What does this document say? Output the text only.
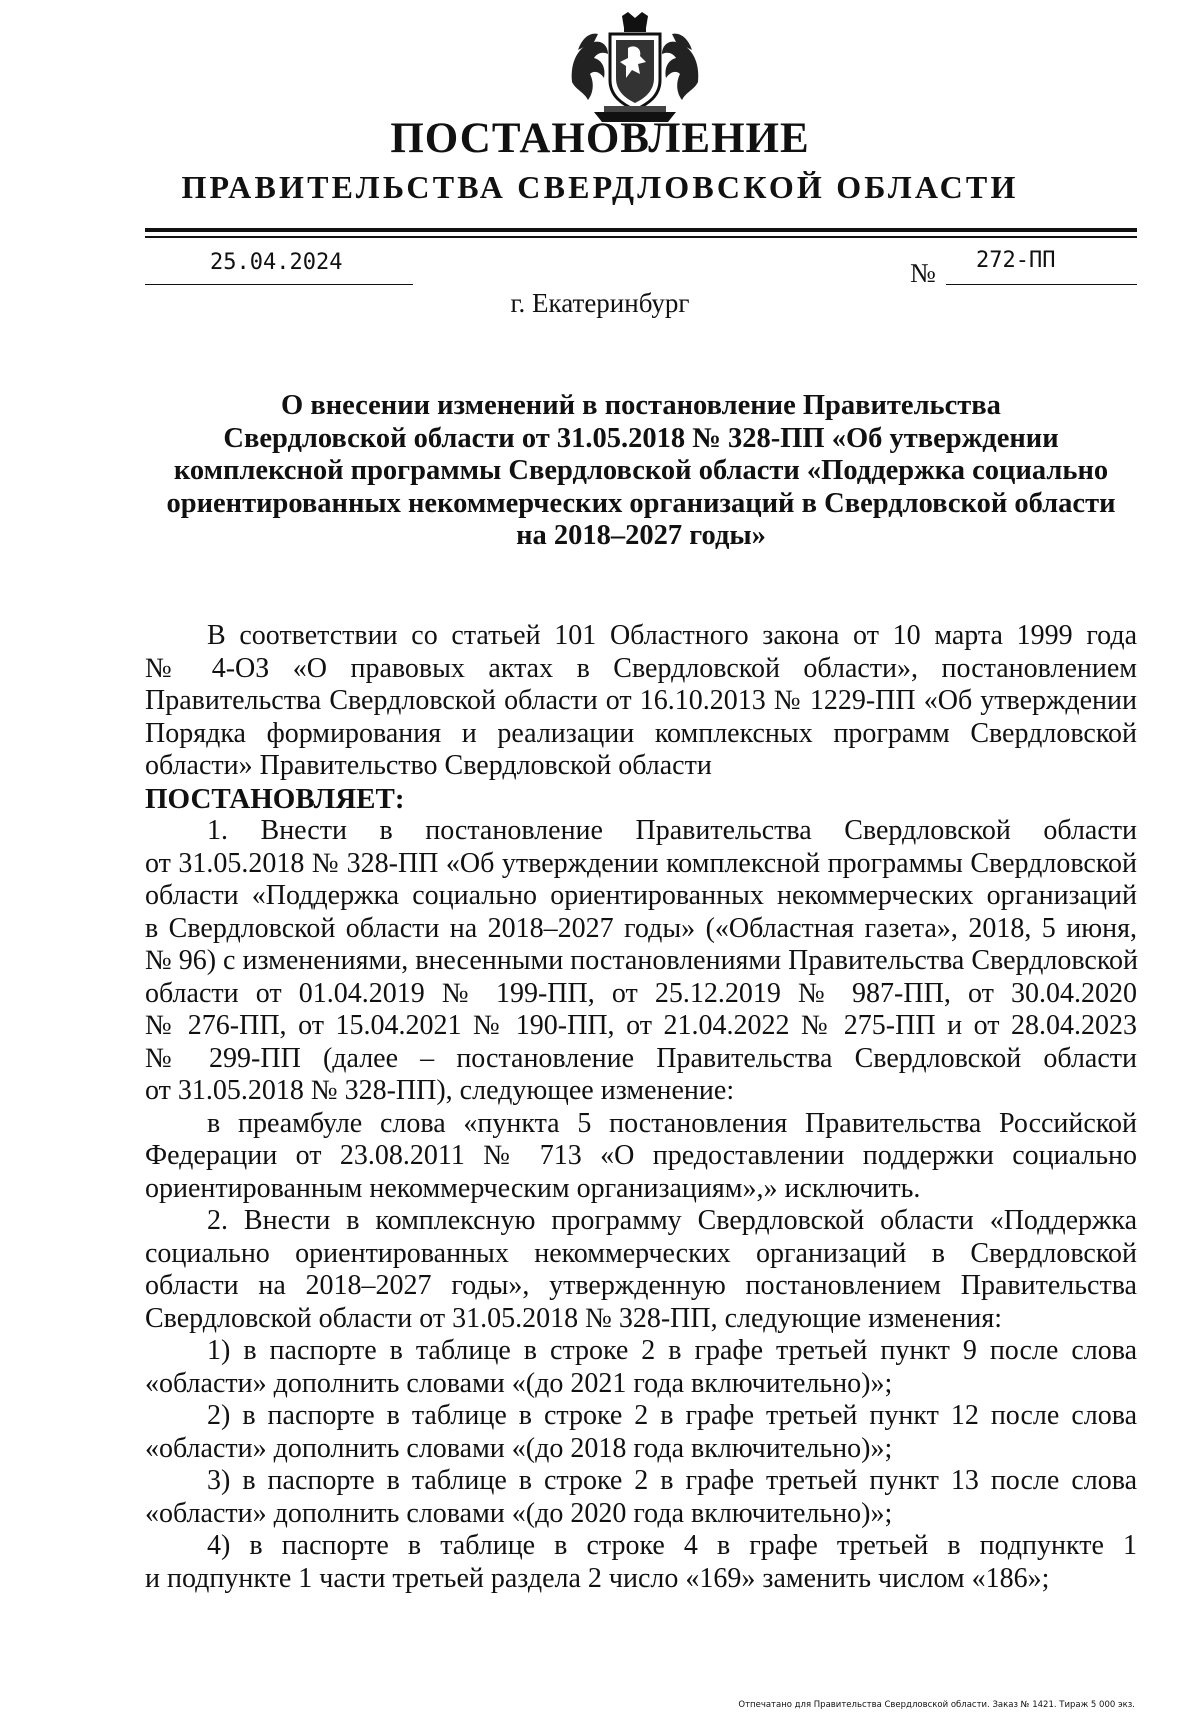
ПОСТАНОВЛЕНИЕ
ПРАВИТЕЛЬСТВА СВЕРДЛОВСКОЙ ОБЛАСТИ
25.04.2024	№ 272-ПП
г. Екатеринбург
О внесении изменений в постановление Правительства
Свердловской области от 31.05.2018 № 328-ПП «Об утверждении
комплексной программы Свердловской области «Поддержка социально
ориентированных некоммерческих организаций в Свердловской области
на 2018–2027 годы»
В соответствии со статьей 101 Областного закона от 10 марта 1999 года
№ 4-ОЗ «О правовых актах в Свердловской области», постановлением
Правительства Свердловской области от 16.10.2013 № 1229-ПП «Об утверждении
Порядка формирования и реализации комплексных программ Свердловской
области» Правительство Свердловской области
ПОСТАНОВЛЯЕТ:
1. Внести в постановление Правительства Свердловской области
от 31.05.2018 № 328-ПП «Об утверждении комплексной программы Свердловской
области «Поддержка социально ориентированных некоммерческих организаций
в Свердловской области на 2018–2027 годы» («Областная газета», 2018, 5 июня,
№ 96) с изменениями, внесенными постановлениями Правительства Свердловской
области от 01.04.2019 № 199-ПП, от 25.12.2019 № 987-ПП, от 30.04.2020
№ 276-ПП, от 15.04.2021 № 190-ПП, от 21.04.2022 № 275-ПП и от 28.04.2023
№ 299-ПП (далее – постановление Правительства Свердловской области
от 31.05.2018 № 328-ПП), следующее изменение:
в преамбуле слова «пункта 5 постановления Правительства Российской
Федерации от 23.08.2011 № 713 «О предоставлении поддержки социально
ориентированным некоммерческим организациям»,» исключить.
2. Внести в комплексную программу Свердловской области «Поддержка
социально ориентированных некоммерческих организаций в Свердловской
области на 2018–2027 годы», утвержденную постановлением Правительства
Свердловской области от 31.05.2018 № 328-ПП, следующие изменения:
1) в паспорте в таблице в строке 2 в графе третьей пункт 9 после слова
«области» дополнить словами «(до 2021 года включительно)»;
2) в паспорте в таблице в строке 2 в графе третьей пункт 12 после слова
«области» дополнить словами «(до 2018 года включительно)»;
3) в паспорте в таблице в строке 2 в графе третьей пункт 13 после слова
«области» дополнить словами «(до 2020 года включительно)»;
4) в паспорте в таблице в строке 4 в графе третьей в подпункте 1
и подпункте 1 части третьей раздела 2 число «169» заменить числом «186»;
Отпечатано для Правительства Свердловской области. Заказ № 1421. Тираж 5 000 экз.
